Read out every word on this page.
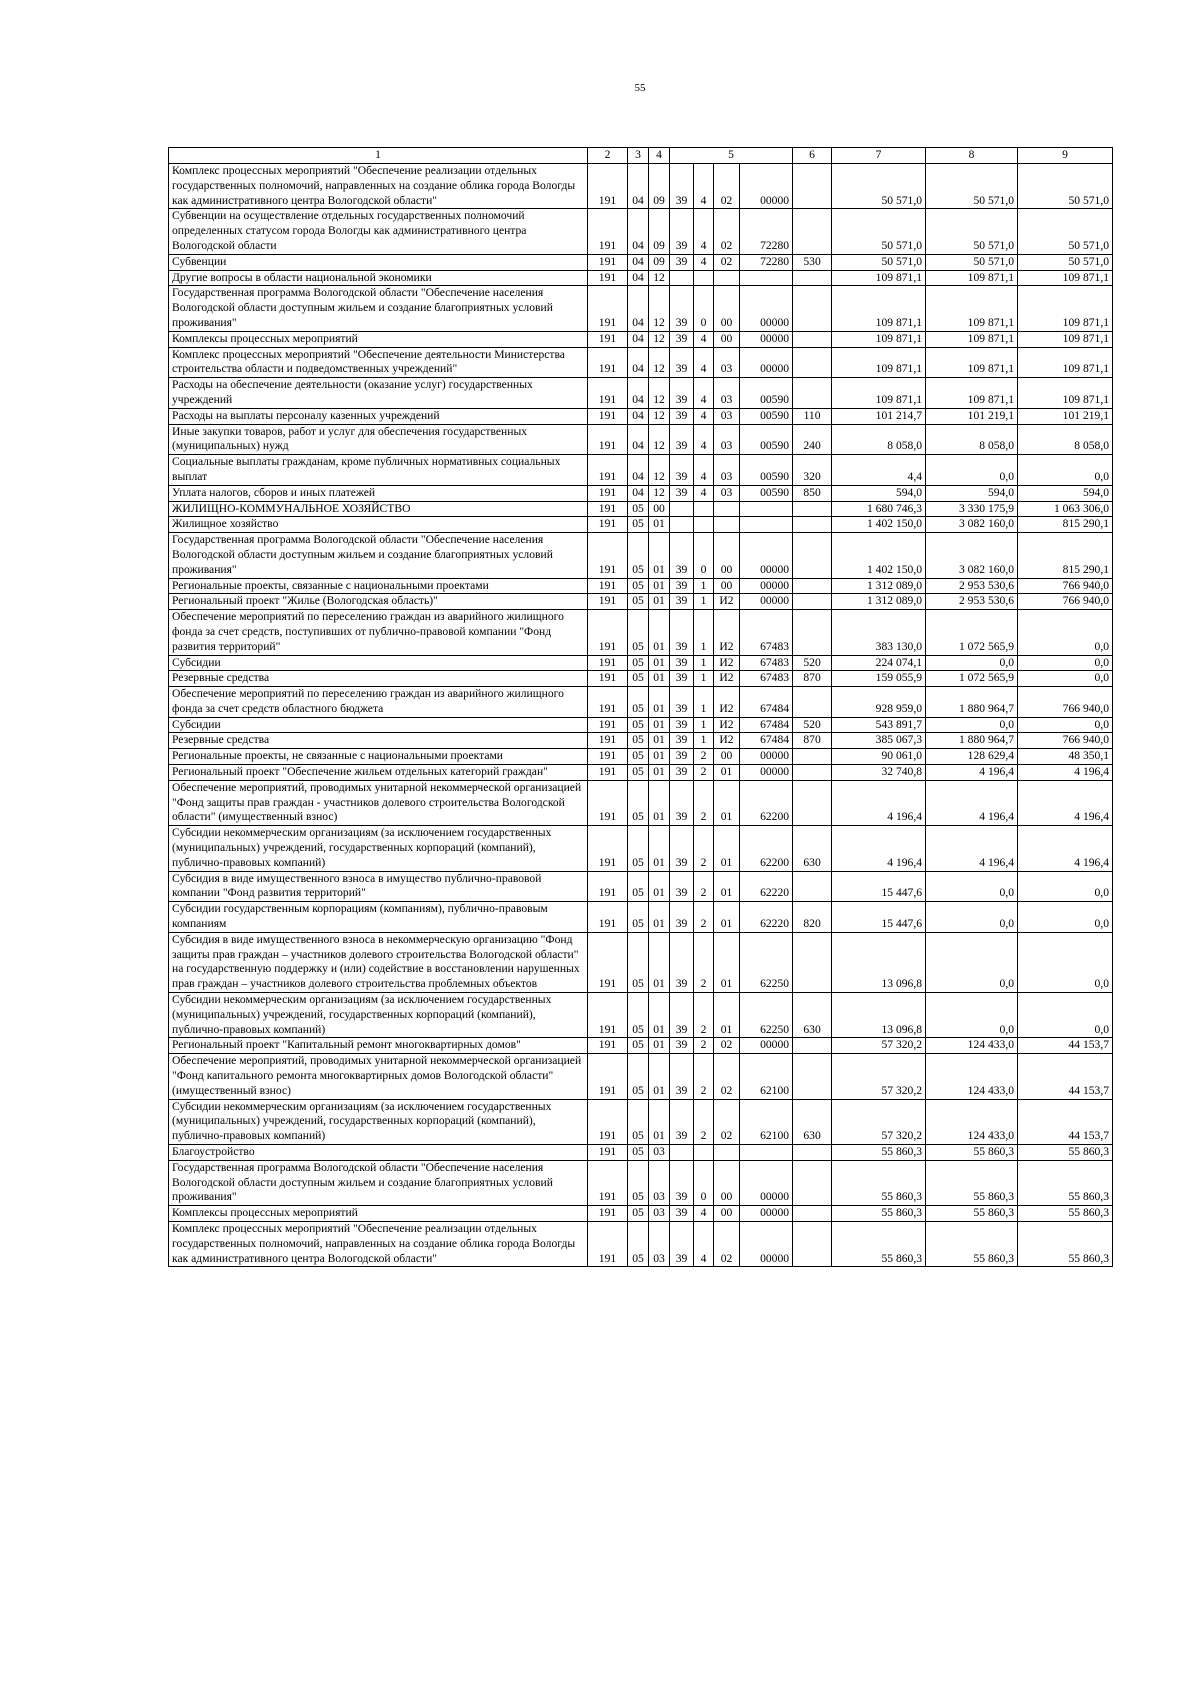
55
1	2	3	4	5				6	7	8	9
Комплекс процессных мероприятий "Обеспечение реализации отдельных государственных полномочий, направленных на создание облика города Вологды как административного центра Вологодской области"	191	04	09	39	4	02	00000		50 571,0	50 571,0	50 571,0
Субвенции на осуществление отдельных государственных полномочий определенных статусом города Вологды как административного центра Вологодской области	191	04	09	39	4	02	72280		50 571,0	50 571,0	50 571,0
Субвенции	191	04	09	39	4	02	72280	530	50 571,0	50 571,0	50 571,0
Другие вопросы в области национальной экономики	191	04	12						109 871,1	109 871,1	109 871,1
Государственная программа Вологодской области "Обеспечение населения Вологодской области доступным жильем и создание благоприятных условий проживания"	191	04	12	39	0	00	00000		109 871,1	109 871,1	109 871,1
Комплексы процессных мероприятий	191	04	12	39	4	00	00000		109 871,1	109 871,1	109 871,1
Комплекс процессных мероприятий "Обеспечение деятельности Министерства строительства области и подведомственных учреждений"	191	04	12	39	4	03	00000		109 871,1	109 871,1	109 871,1
Расходы на обеспечение деятельности (оказание услуг) государственных учреждений	191	04	12	39	4	03	00590		109 871,1	109 871,1	109 871,1
Расходы на выплаты персоналу казенных учреждений	191	04	12	39	4	03	00590	110	101 214,7	101 219,1	101 219,1
Иные закупки товаров, работ и услуг для обеспечения государственных (муниципальных) нужд	191	04	12	39	4	03	00590	240	8 058,0	8 058,0	8 058,0
Социальные выплаты гражданам, кроме публичных нормативных социальных выплат	191	04	12	39	4	03	00590	320	4,4	0,0	0,0
Уплата налогов, сборов и иных платежей	191	04	12	39	4	03	00590	850	594,0	594,0	594,0
ЖИЛИЩНО-КОММУНАЛЬНОЕ ХОЗЯЙСТВО	191	05	00						1 680 746,3	3 330 175,9	1 063 306,0
Жилищное хозяйство	191	05	01						1 402 150,0	3 082 160,0	815 290,1
Государственная программа Вологодской области "Обеспечение населения Вологодской области доступным жильем и создание благоприятных условий проживания"	191	05	01	39	0	00	00000		1 402 150,0	3 082 160,0	815 290,1
Региональные проекты, связанные с национальными проектами	191	05	01	39	1	00	00000		1 312 089,0	2 953 530,6	766 940,0
Региональный проект "Жилье (Вологодская область)"	191	05	01	39	1	И2	00000		1 312 089,0	2 953 530,6	766 940,0
Обеспечение мероприятий по переселению граждан из аварийного жилищного фонда за счет средств, поступивших от публично-правовой компании "Фонд развития территорий"	191	05	01	39	1	И2	67483		383 130,0	1 072 565,9	0,0
Субсидии	191	05	01	39	1	И2	67483	520	224 074,1	0,0	0,0
Резервные средства	191	05	01	39	1	И2	67483	870	159 055,9	1 072 565,9	0,0
Обеспечение мероприятий по переселению граждан из аварийного жилищного фонда за счет средств областного бюджета	191	05	01	39	1	И2	67484		928 959,0	1 880 964,7	766 940,0
Субсидии	191	05	01	39	1	И2	67484	520	543 891,7	0,0	0,0
Резервные средства	191	05	01	39	1	И2	67484	870	385 067,3	1 880 964,7	766 940,0
Региональные проекты, не связанные с национальными проектами	191	05	01	39	2	00	00000		90 061,0	128 629,4	48 350,1
Региональный проект "Обеспечение жильем отдельных категорий граждан"	191	05	01	39	2	01	00000		32 740,8	4 196,4	4 196,4
Обеспечение мероприятий, проводимых унитарной некоммерческой организацией "Фонд защиты прав граждан - участников долевого строительства Вологодской области" (имущественный взнос)	191	05	01	39	2	01	62200		4 196,4	4 196,4	4 196,4
Субсидии некоммерческим организациям (за исключением государственных (муниципальных) учреждений, государственных корпораций (компаний), публично-правовых компаний)	191	05	01	39	2	01	62200	630	4 196,4	4 196,4	4 196,4
Субсидия в виде имущественного взноса в имущество публично-правовой компании "Фонд развития территорий"	191	05	01	39	2	01	62220		15 447,6	0,0	0,0
Субсидии государственным корпорациям (компаниям), публично-правовым компаниям	191	05	01	39	2	01	62220	820	15 447,6	0,0	0,0
Субсидия в виде имущественного взноса в некоммерческую организацию "Фонд защиты прав граждан – участников долевого строительства Вологодской области" на государственную поддержку и (или) содействие в восстановлении нарушенных прав граждан – участников долевого строительства проблемных объектов	191	05	01	39	2	01	62250		13 096,8	0,0	0,0
Субсидии некоммерческим организациям (за исключением государственных (муниципальных) учреждений, государственных корпораций (компаний), публично-правовых компаний)	191	05	01	39	2	01	62250	630	13 096,8	0,0	0,0
Региональный проект "Капитальный ремонт многоквартирных домов"	191	05	01	39	2	02	00000		57 320,2	124 433,0	44 153,7
Обеспечение мероприятий, проводимых унитарной некоммерческой организацией "Фонд капитального ремонта многоквартирных домов Вологодской области" (имущественный взнос)	191	05	01	39	2	02	62100		57 320,2	124 433,0	44 153,7
Субсидии некоммерческим организациям (за исключением государственных (муниципальных) учреждений, государственных корпораций (компаний), публично-правовых компаний)	191	05	01	39	2	02	62100	630	57 320,2	124 433,0	44 153,7
Благоустройство	191	05	03						55 860,3	55 860,3	55 860,3
Государственная программа Вологодской области "Обеспечение населения Вологодской области доступным жильем и создание благоприятных условий проживания"	191	05	03	39	0	00	00000		55 860,3	55 860,3	55 860,3
Комплексы процессных мероприятий	191	05	03	39	4	00	00000		55 860,3	55 860,3	55 860,3
Комплекс процессных мероприятий "Обеспечение реализации отдельных государственных полномочий, направленных на создание облика города Вологды как административного центра Вологодской области"	191	05	03	39	4	02	00000		55 860,3	55 860,3	55 860,3
